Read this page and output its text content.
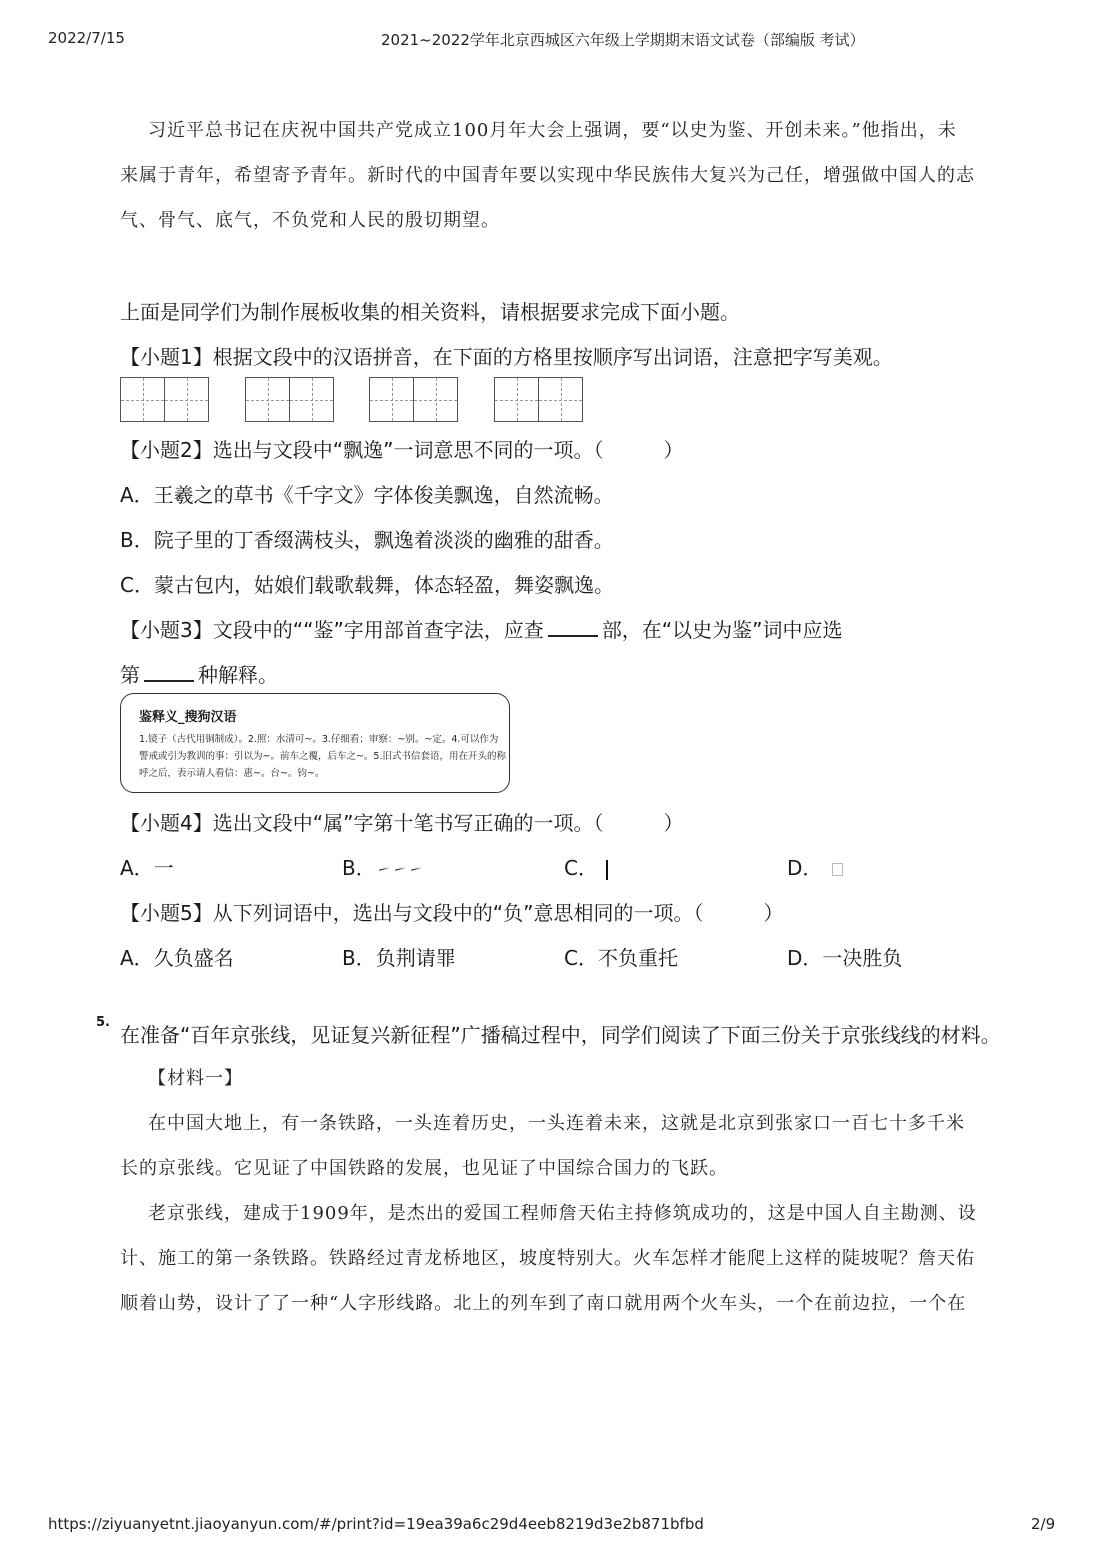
2022/7/15	2021~2022学年北京西城区六年级上学期期末语文试卷（部编版 考试）
习近平总书记在庆祝中国共产党成立100月年大会上强调，要“以史为鉴、开创未来。”他指出，未
来属于青年，希望寄予青年。新时代的中国青年要以实现中华民族伟大复兴为己任，增强做中国人的志
气、骨气、底气，不负党和人民的殷切期望。
上面是同学们为制作展板收集的相关资料，请根据要求完成下面小题。
【小题1】根据文段中的汉语拼音，在下面的方格里按顺序写出词语，注意把字写美观。
【小题2】选出与文段中“飘逸”一词意思不同的一项。（　　　）
A．王羲之的草书《千字文》字体俊美飘逸，自然流畅。
B．院子里的丁香缀满枝头，飘逸着淡淡的幽雅的甜香。
C．蒙古包内，姑娘们载歌载舞，体态轻盈，舞姿飘逸。
【小题3】文段中的““鉴”字用部首查字法，应查	部，在“以史为鉴”词中应选
第	种解释。
鉴释义_搜狗汉语
1.镜子（古代用铜制成）。2.照：水清可~。3.仔细看；审察：~别。~定。4.可以作为
警戒或引为教训的事：引以为~。前车之覆，后车之~。5.旧式书信套语，用在开头的称
呼之后，表示请人看信：惠~。台~。钧~。
【小题4】选出文段中“属”字第十笔书写正确的一项。（　　　）
A．一	B．㇀㇀㇀	C．	D．
【小题5】从下列词语中，选出与文段中的“负”意思相同的一项。（　　　）
A．久负盛名	B．负荆请罪	C．不负重托	D．一决胜负
5.
在准备“百年京张线，见证复兴新征程”广播稿过程中，同学们阅读了下面三份关于京张线线的材料。
【材料一】
在中国大地上，有一条铁路，一头连着历史，一头连着未来，这就是北京到张家口一百七十多千米
长的京张线。它见证了中国铁路的发展，也见证了中国综合国力的飞跃。
老京张线，建成于1909年，是杰出的爱国工程师詹天佑主持修筑成功的，这是中国人自主勘测、设
计、施工的第一条铁路。铁路经过青龙桥地区，坡度特别大。火车怎样才能爬上这样的陡坡呢？詹天佑
顺着山势，设计了了一种“人字形线路。北上的列车到了南口就用两个火车头，一个在前边拉，一个在
https://ziyuanyetnt.jiaoyanyun.com/#/print?id=19ea39a6c29d4eeb8219d3e2b871bfbd	2/9
